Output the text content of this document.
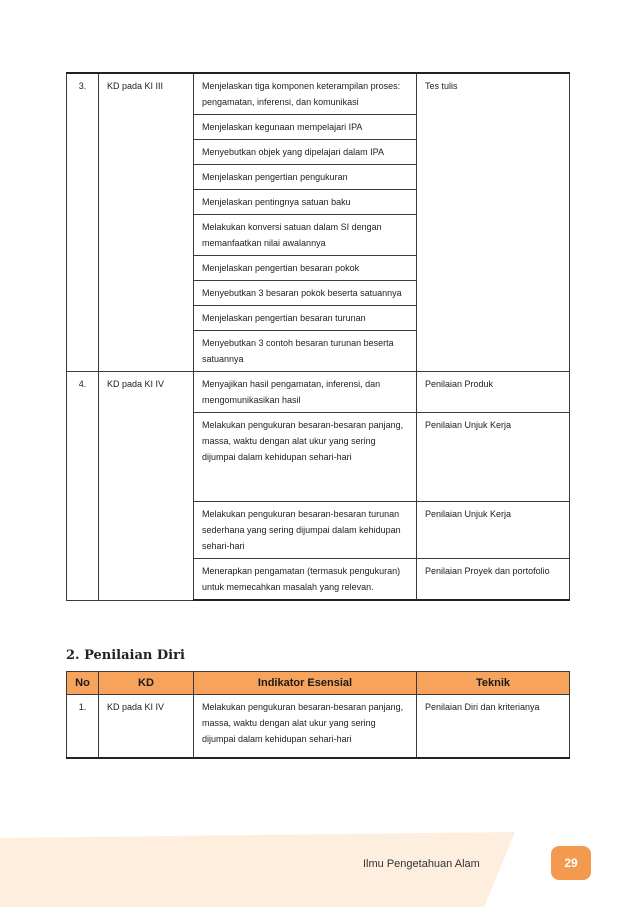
3.	KD pada KI III	Menjelaskan tiga komponen keterampilan proses: pengamatan, inferensi, dan komunikasi	Tes tulis
		Menjelaskan kegunaan mempelajari IPA	
		Menyebutkan objek yang dipelajari dalam IPA	
		Menjelaskan pengertian pengukuran	
		Menjelaskan pentingnya satuan baku	
		Melakukan konversi satuan dalam SI dengan memanfaatkan nilai awalannya	
		Menjelaskan pengertian besaran pokok	
		Menyebutkan 3 besaran pokok beserta satuannya	
		Menjelaskan pengertian besaran turunan	
		Menyebutkan 3 contoh besaran turunan beserta satuannya	
4.	KD pada KI IV	Menyajikan hasil pengamatan, inferensi, dan mengomunikasikan hasil	Penilaian Produk
		Melakukan pengukuran besaran-besaran panjang, massa, waktu dengan alat ukur yang sering dijumpai dalam kehidupan sehari-hari	Penilaian Unjuk Kerja
		Melakukan pengukuran besaran-besaran turunan sederhana yang sering dijumpai dalam kehidupan sehari-hari	Penilaian Unjuk Kerja
		Menerapkan pengamatan (termasuk pengukuran) untuk memecahkan masalah yang relevan.	Penilaian Proyek dan portofolio
2. Penilaian Diri
No	KD	Indikator Esensial	Teknik
1.	KD pada KI IV	Melakukan pengukuran besaran-besaran panjang, massa, waktu dengan alat ukur yang sering dijumpai dalam kehidupan sehari-hari	Penilaian Diri dan kriterianya
Ilmu Pengetahuan Alam	29
